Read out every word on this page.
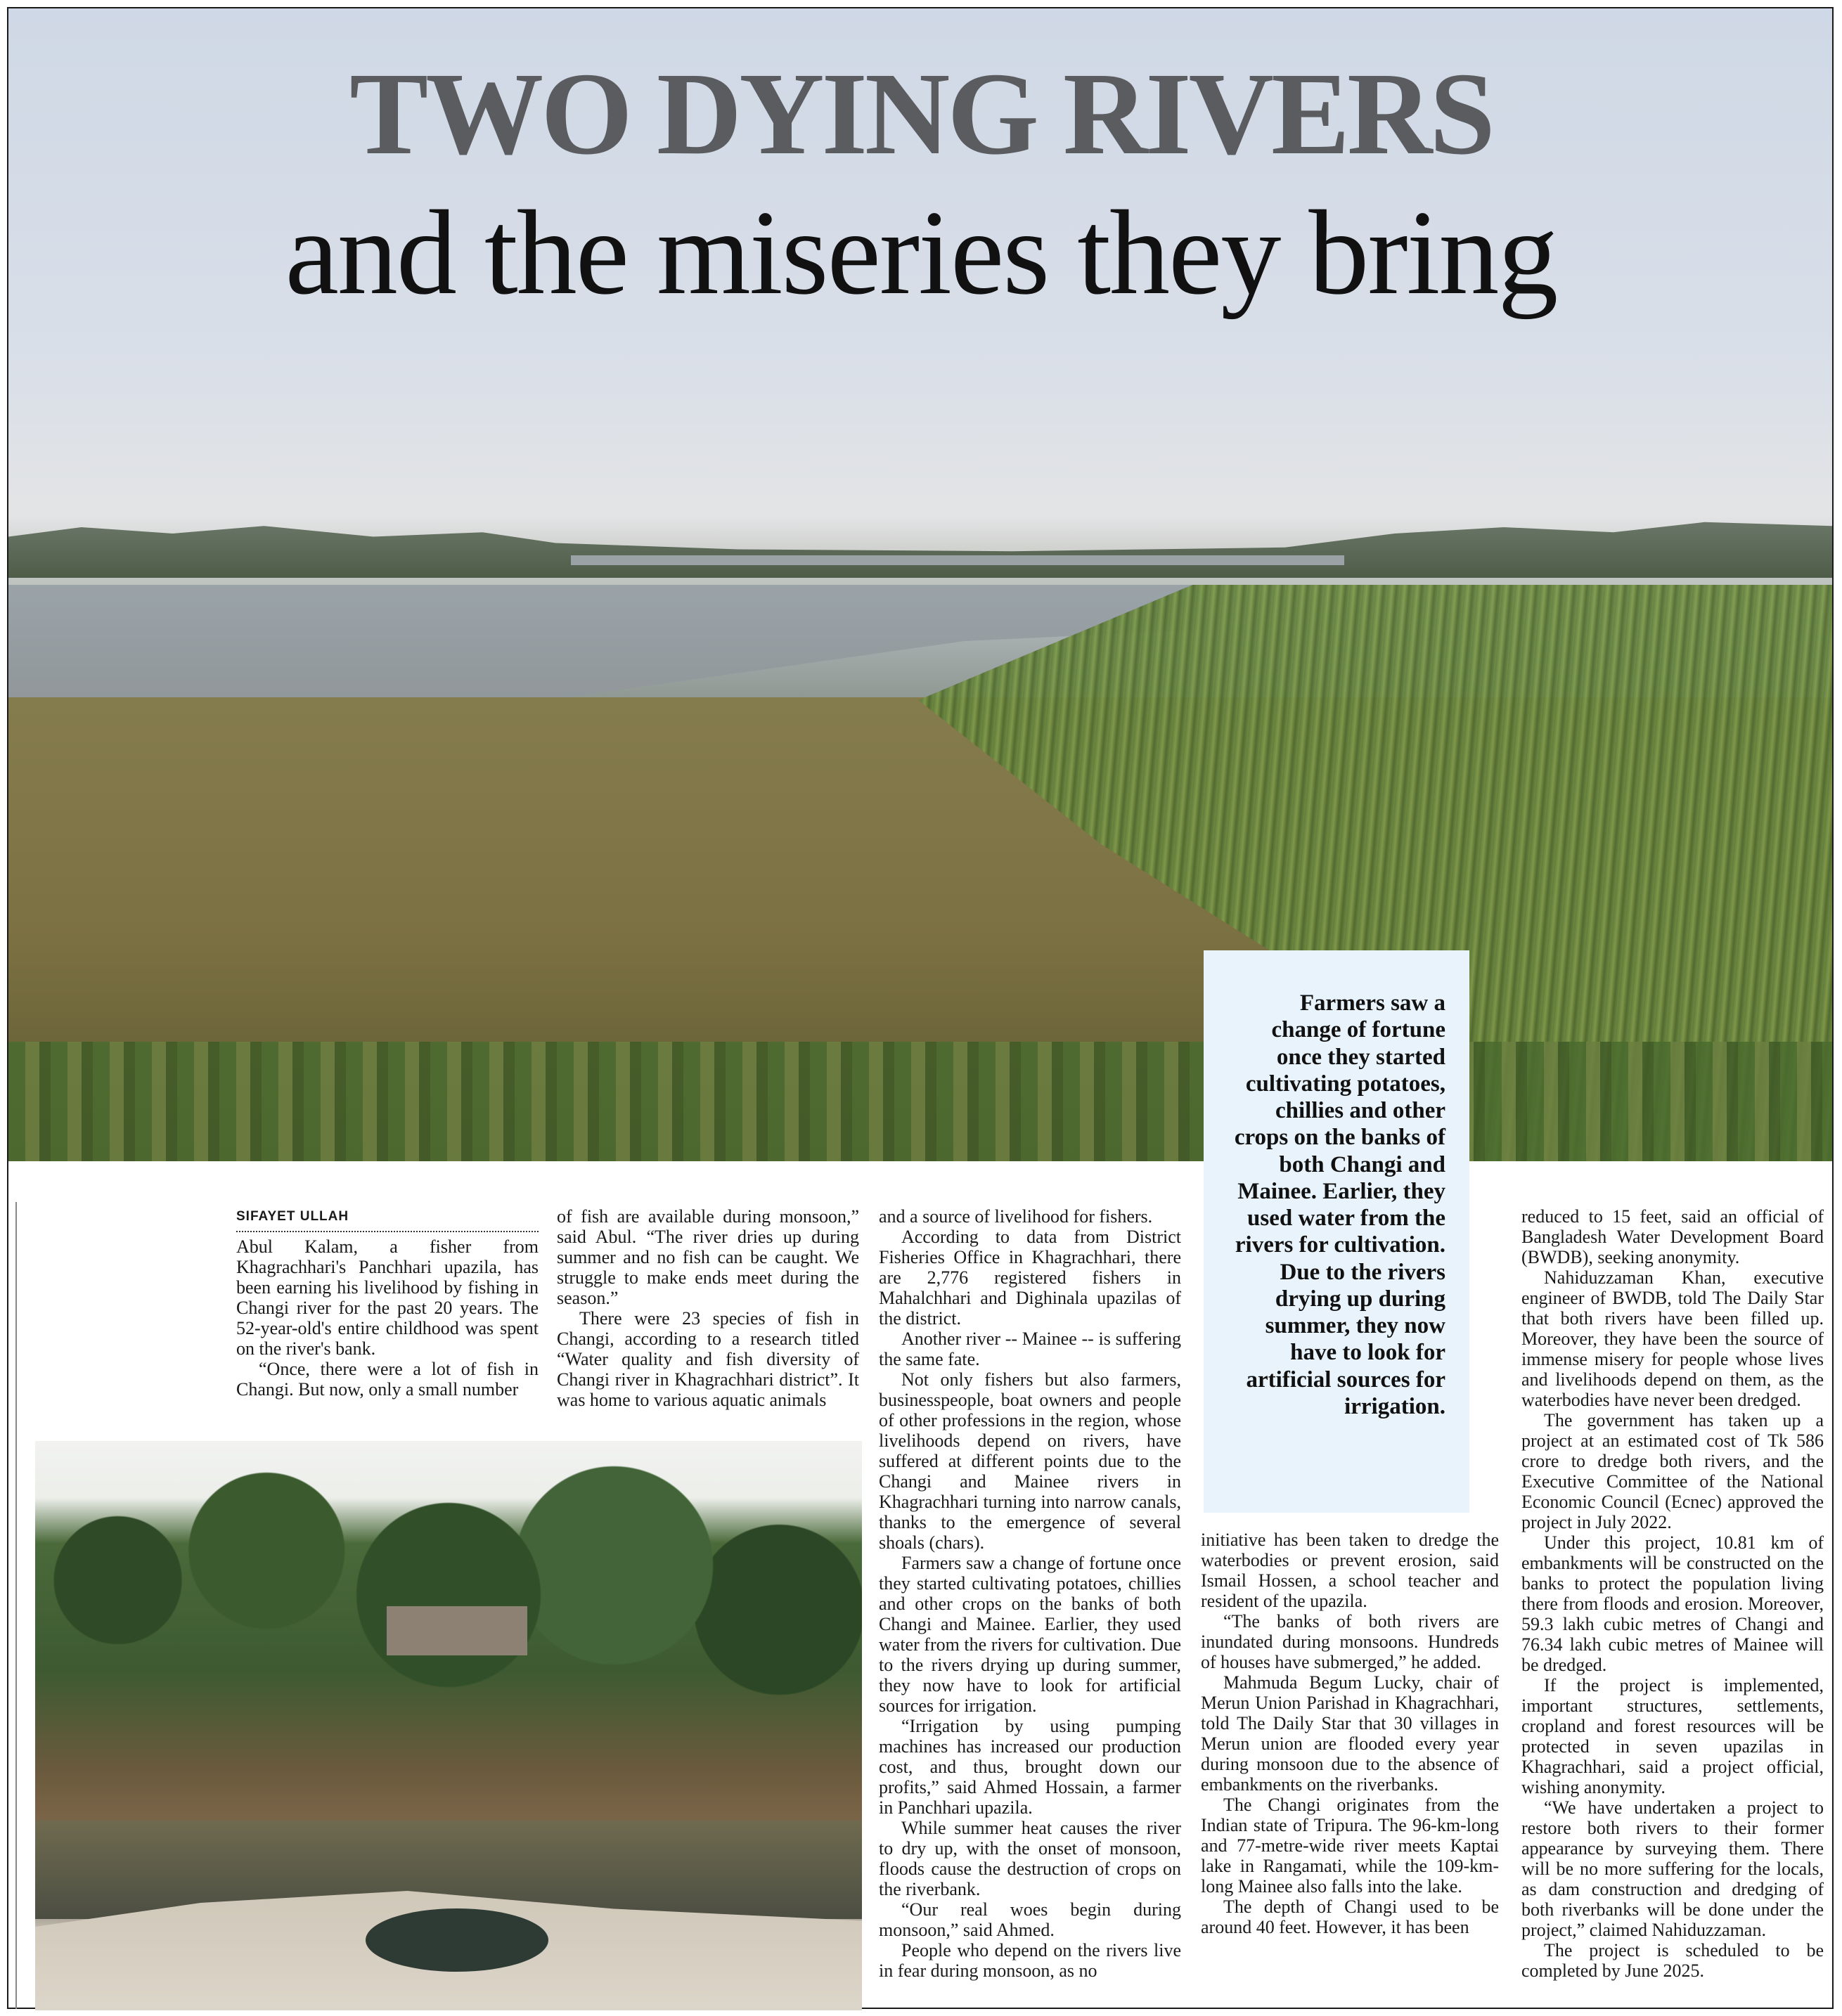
TWO DYING RIVERS
and the miseries they bring
Farmers saw a change of fortune once they started cultivating potatoes, chillies and other crops on the banks of both Changi and Mainee. Earlier, they used water from the rivers for cultivation. Due to the rivers drying up during summer, they now have to look for artificial sources for irrigation.
SIFAYET ULLAH

Abul Kalam, a fisher from Khagrachhari's Panchhari upazila, has been earning his livelihood by fishing in Changi river for the past 20 years. The 52-year-old's entire childhood was spent on the river's bank.

“Once, there were a lot of fish in Changi. But now, only a small number

of fish are available during monsoon,” said Abul. “The river dries up during summer and no fish can be caught. We struggle to make ends meet during the season.”

There were 23 species of fish in Changi, according to a research titled “Water quality and fish diversity of Changi river in Khagrachhari district”. It was home to various aquatic animals

and a source of livelihood for fishers.

According to data from District Fisheries Office in Khagrachhari, there are 2,776 registered fishers in Mahalchhari and Dighinala upazilas of the district.

Another river -- Mainee -- is suffering the same fate.

Not only fishers but also farmers, businesspeople, boat owners and people of other professions in the region, whose livelihoods depend on rivers, have suffered at different points due to the Changi and Mainee rivers in Khagrachhari turning into narrow canals, thanks to the emergence of several shoals (chars).

Farmers saw a change of fortune once they started cultivating potatoes, chillies and other crops on the banks of both Changi and Mainee. Earlier, they used water from the rivers for cultivation. Due to the rivers drying up during summer, they now have to look for artificial sources for irrigation.

“Irrigation by using pumping machines has increased our production cost, and thus, brought down our profits,” said Ahmed Hossain, a farmer in Panchhari upazila.

While summer heat causes the river to dry up, with the onset of monsoon, floods cause the destruction of crops on the riverbank.

“Our real woes begin during monsoon,” said Ahmed.

People who depend on the rivers live in fear during monsoon, as no

initiative has been taken to dredge the waterbodies or prevent erosion, said Ismail Hossen, a school teacher and resident of the upazila.

“The banks of both rivers are inundated during monsoons. Hundreds of houses have submerged,” he added.

Mahmuda Begum Lucky, chair of Merun Union Parishad in Khagrachhari, told The Daily Star that 30 villages in Merun union are flooded every year during monsoon due to the absence of embankments on the riverbanks.

The Changi originates from the Indian state of Tripura. The 96-km-long and 77-metre-wide river meets Kaptai lake in Rangamati, while the 109-km-long Mainee also falls into the lake.

The depth of Changi used to be around 40 feet. However, it has been

reduced to 15 feet, said an official of Bangladesh Water Development Board (BWDB), seeking anonymity.

Nahiduzzaman Khan, executive engineer of BWDB, told The Daily Star that both rivers have been filled up. Moreover, they have been the source of immense misery for people whose lives and livelihoods depend on them, as the waterbodies have never been dredged.

The government has taken up a project at an estimated cost of Tk 586 crore to dredge both rivers, and the Executive Committee of the National Economic Council (Ecnec) approved the project in July 2022.

Under this project, 10.81 km of embankments will be constructed on the banks to protect the population living there from floods and erosion. Moreover, 59.3 lakh cubic metres of Changi and 76.34 lakh cubic metres of Mainee will be dredged.

If the project is implemented, important structures, settlements, cropland and forest resources will be protected in seven upazilas in Khagrachhari, said a project official, wishing anonymity.

“We have undertaken a project to restore both rivers to their former appearance by surveying them. There will be no more suffering for the locals, as dam construction and dredging of both riverbanks will be done under the project,” claimed Nahiduzzaman.

The project is scheduled to be completed by June 2025.
